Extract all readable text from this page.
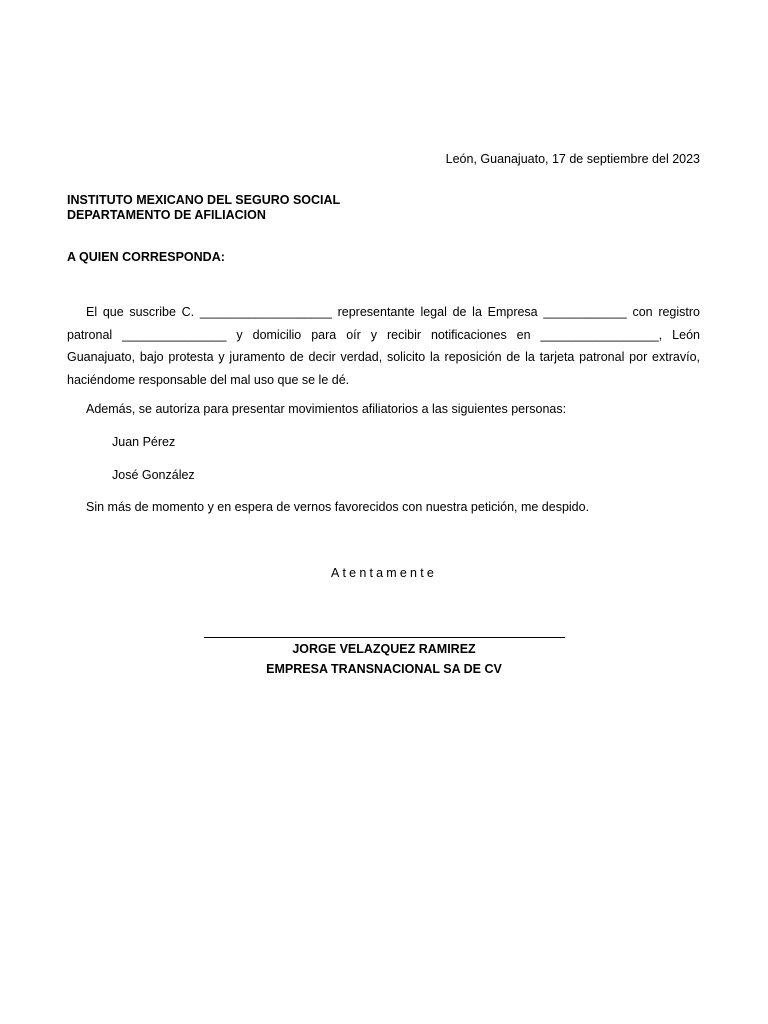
León, Guanajuato, 17 de septiembre del 2023
INSTITUTO MEXICANO DEL SEGURO SOCIAL
DEPARTAMENTO DE AFILIACION
A QUIEN CORRESPONDA:

El que suscribe C. ___________________ representante legal de la Empresa ____________ con registro patronal _______________ y domicilio para oír y recibir notificaciones en _________________, León Guanajuato, bajo protesta y juramento de decir verdad, solicito la reposición de la tarjeta patronal por extravío, haciéndome responsable del mal uso que se le dé.

Además, se autoriza para presentar movimientos afiliatorios a las siguientes personas:

Juan Pérez
José González

Sin más de momento y en espera de vernos favorecidos con nuestra petición, me despido.

Atentamente
JORGE VELAZQUEZ RAMIREZ
EMPRESA TRANSNACIONAL SA DE CV
